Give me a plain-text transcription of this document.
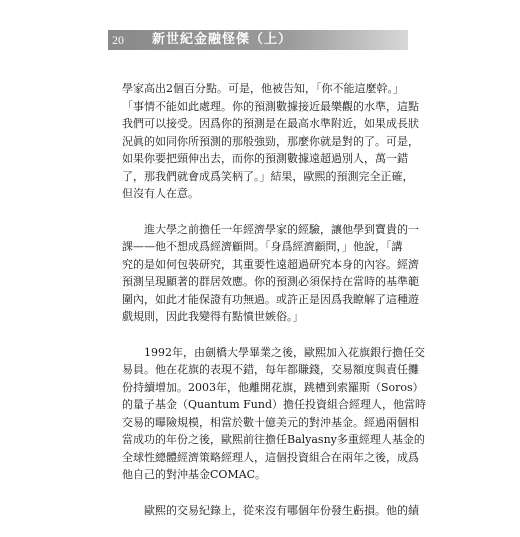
20 新世紀金融怪傑（上）
學家高出2個百分點。可是，他被告知，「你不能這麼幹。」
「事情不能如此處理。你的預測數據接近最樂觀的水準，這點
我們可以接受。因爲你的預測是在最高水準附近，如果成長狀
況眞的如同你所預測的那般強勁，那麼你就是對的了。可是，
如果你要把頸伸出去，而你的預測數據遠超過別人，萬一錯
了，那我們就會成爲笑柄了。」結果，歐熙的預測完全正確，
但沒有人在意。
進大學之前擔任一年經濟學家的經驗，讓他學到寶貴的一
課——他不想成爲經濟顧問。「身爲經濟顧問，」他說，「講
究的是如何包裝研究，其重要性遠超過研究本身的內容。經濟
預測呈現顯著的群居效應。你的預測必須保持在當時的基準範
圍內，如此才能保證有功無過。或許正是因爲我瞭解了這種遊
戲規則，因此我變得有點憤世嫉俗。」
1992年，由劍橋大學畢業之後，歐熙加入花旗銀行擔任交
易員。他在花旗的表現不錯，每年都賺錢，交易額度與責任攤
份持續增加。2003年，他離開花旗，跳槽到索羅斯（Soros）
的量子基金（Quantum Fund）擔任投資組合經理人，他當時
交易的曝險規模，相當於數十億美元的對沖基金。經過兩個相
當成功的年份之後，歐熙前往擔任Balyasny多重經理人基金的
全球性總體經濟策略經理人，這個投資組合在兩年之後，成爲
他自己的對沖基金COMAC。
歐熙的交易紀錄上，從來沒有哪個年份發生虧損。他的績
